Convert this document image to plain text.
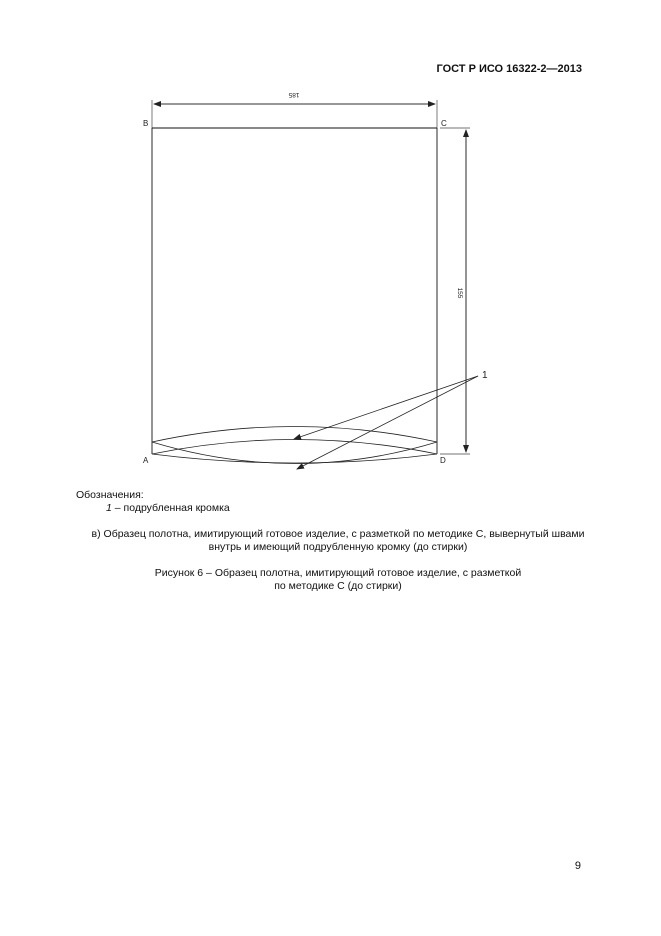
ГОСТ Р ИСО 16322-2—2013
185
155
1
B	C
A	D
Обозначения:
1 – подрубленная кромка
в) Образец полотна, имитирующий готовое изделие, с разметкой по методике С, вывернутый швами
внутрь и имеющий подрубленную кромку (до стирки)
Рисунок 6 – Образец полотна, имитирующий готовое изделие, с разметкой
по методике С (до стирки)
9
